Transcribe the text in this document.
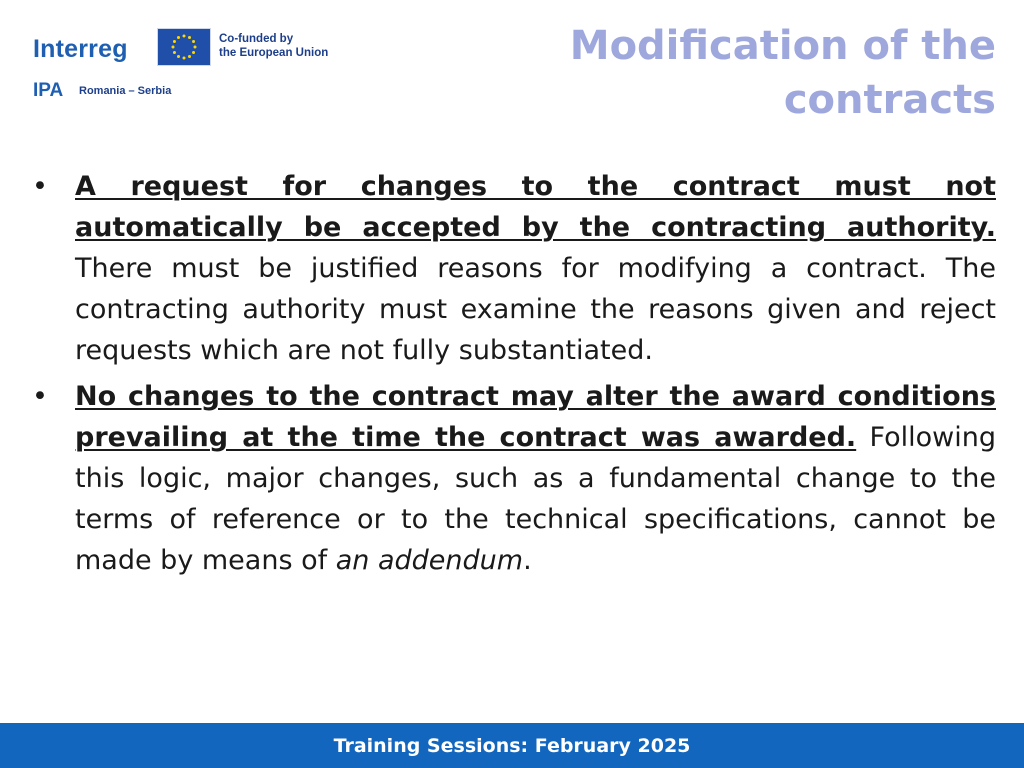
Interreg	Co-funded by
the European Union
IPA Romania – Serbia
Modification of the contracts
• A request for changes to the contract must not automatically be accepted by the contracting authority. There must be justified reasons for modifying a contract. The contracting authority must examine the reasons given and reject requests which are not fully substantiated.
• No changes to the contract may alter the award conditions prevailing at the time the contract was awarded. Following this logic, major changes, such as a fundamental change to the terms of reference or to the technical specifications, cannot be made by means of an addendum.
Training Sessions: February 2025
